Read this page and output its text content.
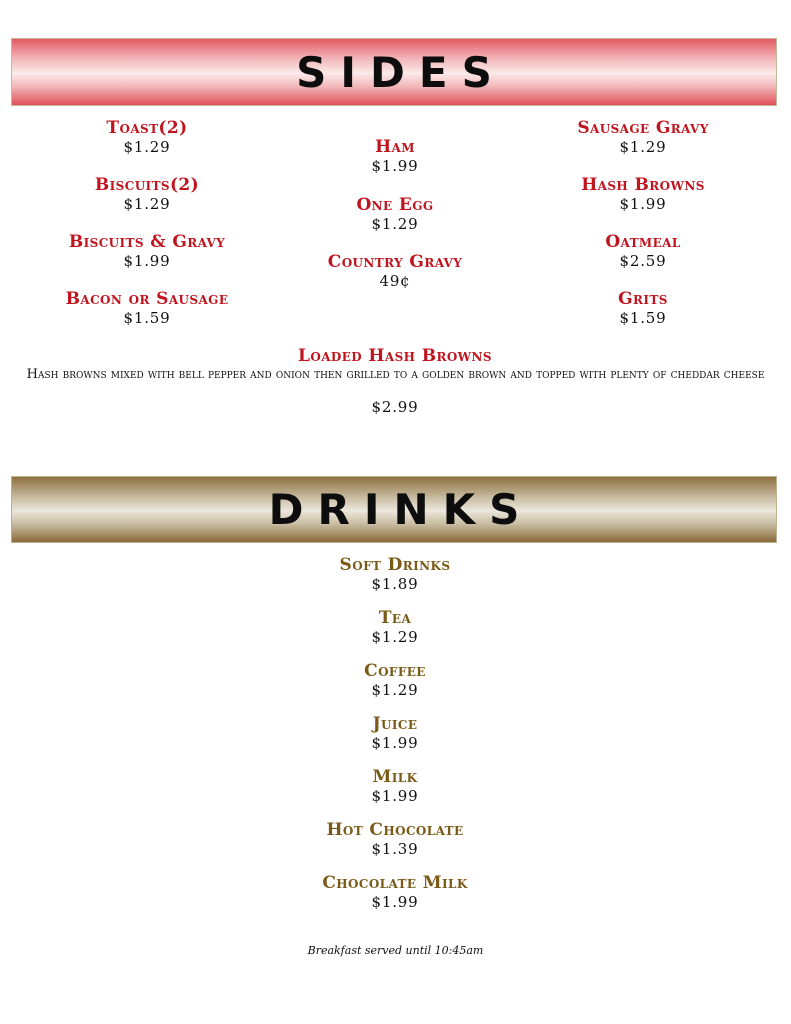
SIDES
Toast(2)
$1.29
Biscuits(2)
$1.29
Biscuits & Gravy
$1.99
Bacon or Sausage
$1.59
Ham
$1.99
One Egg
$1.29
Country Gravy
49¢
Sausage Gravy
$1.29
Hash Browns
$1.99
Oatmeal
$2.59
Grits
$1.59
Loaded Hash Browns
Hash browns mixed with bell pepper and onion then grilled to a golden brown and topped with plenty of cheddar cheese
$2.99
DRINKS
Soft Drinks
$1.89
Tea
$1.29
Coffee
$1.29
Juice
$1.99
Milk
$1.99
Hot Chocolate
$1.39
Chocolate Milk
$1.99
Breakfast served until 10:45am
